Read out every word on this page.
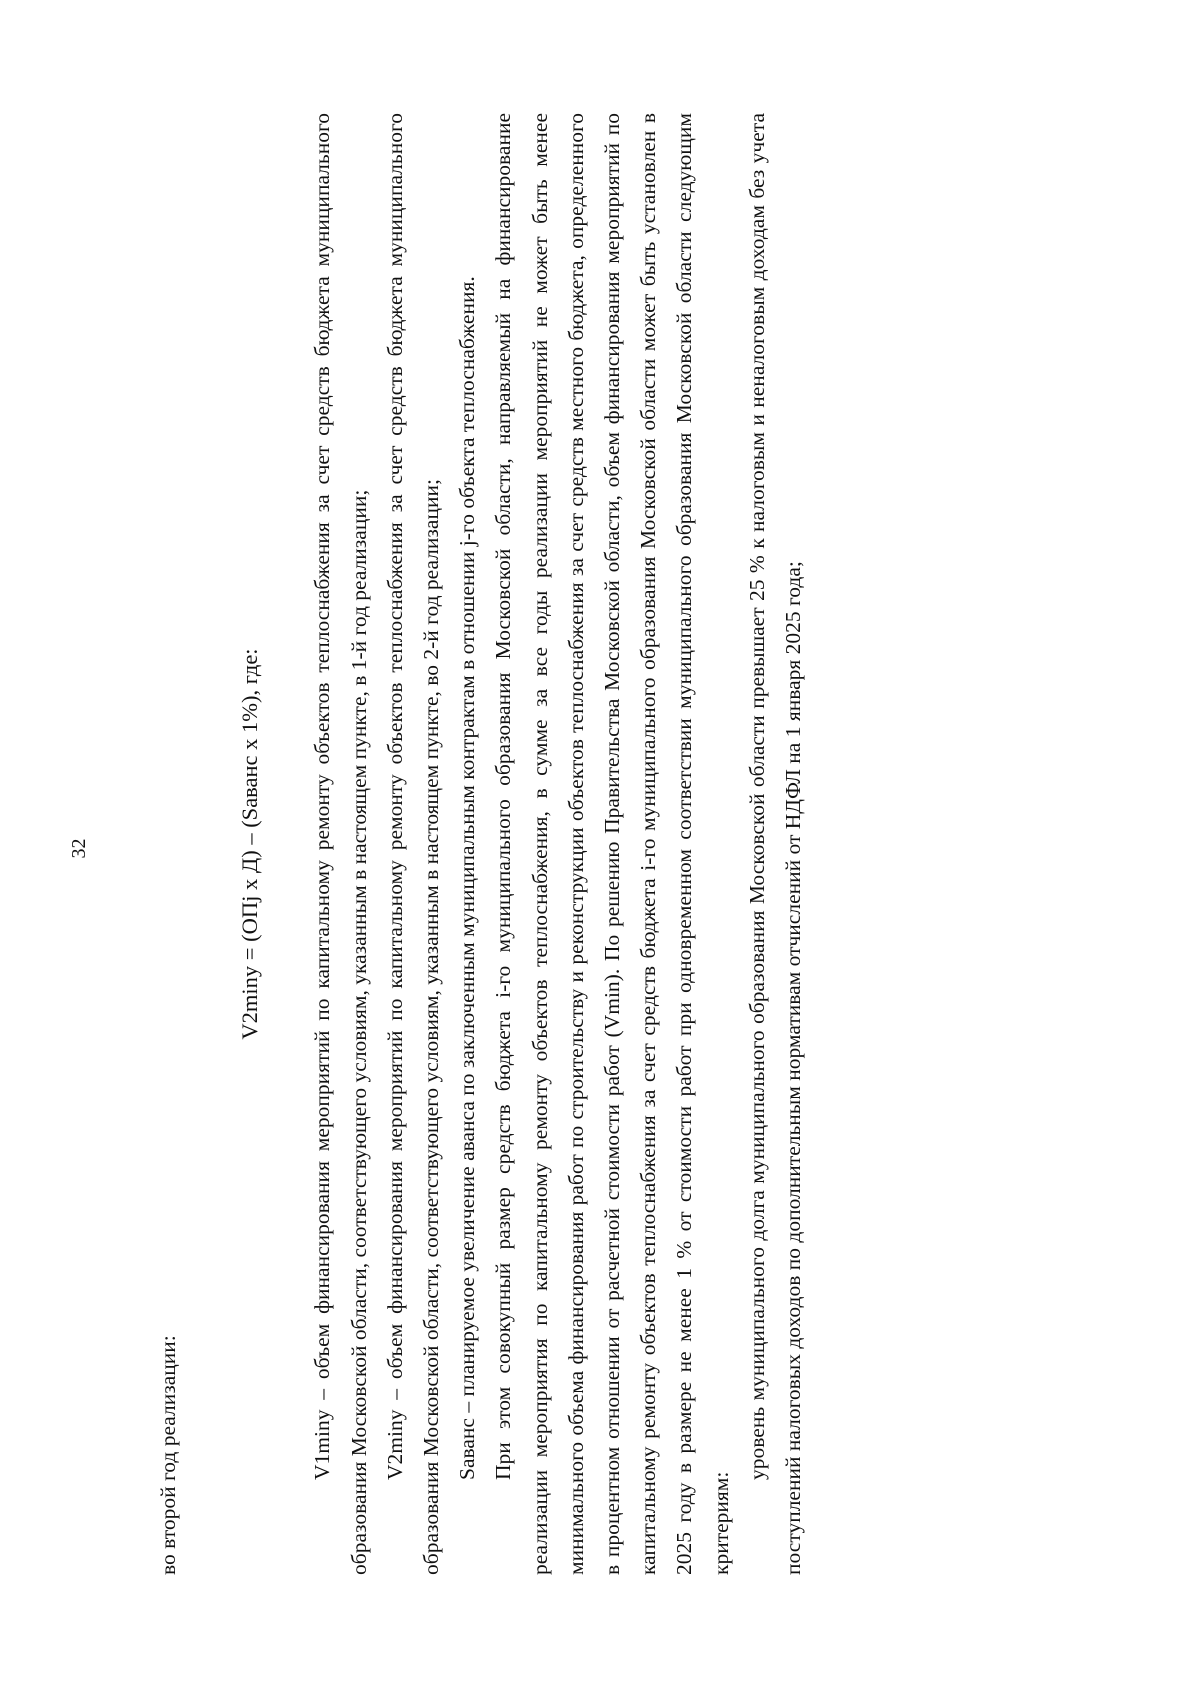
32

во второй год реализации:

V2miny = (ОПj х Д) – (Sаванс х 1%), где: V1miny – объем финансирования мероприятий по капитальному ремонту объектов теплоснабжения за счет средств бюджета муниципального образования Московской области, соответствующего условиям, указанным в настоящем пункте, в 1-й год реализации; V2miny – объем финансирования мероприятий по капитальному ремонту объектов теплоснабжения за счет средств бюджета муниципального образования Московской области, соответствующего условиям, указанным в настоящем пункте, во 2-й год реализации; Sаванс – планируемое увеличение аванса по заключенным муниципальным контрактам в отношении j-го объекта теплоснабжения. При этом совокупный размер средств бюджета i-го муниципального образования Московской области, направляемый на финансирование реализации мероприятия по капитальному ремонту объектов теплоснабжения, в сумме за все годы реализации мероприятий не может быть менее минимального объема финансирования работ по строительству и реконструкции объектов теплоснабжения за счет средств местного бюджета, определенного в процентном отношении от расчетной стоимости работ (Vmin). По решению Правительства Московской области, объем финансирования мероприятий по капитальному ремонту объектов теплоснабжения за счет средств бюджета i-го муниципального образования Московской области может быть установлен в 2025 году в размере не менее 1 % от стоимости работ при одновременном соответствии муниципального образования Московской области следующим критериям:

уровень муниципального долга муниципального образования Московской области превышает 25 % к налоговым и неналоговым доходам без учета поступлений налоговых доходов по дополнительным нормативам отчислений от НДФЛ на 1 января 2025 года;
